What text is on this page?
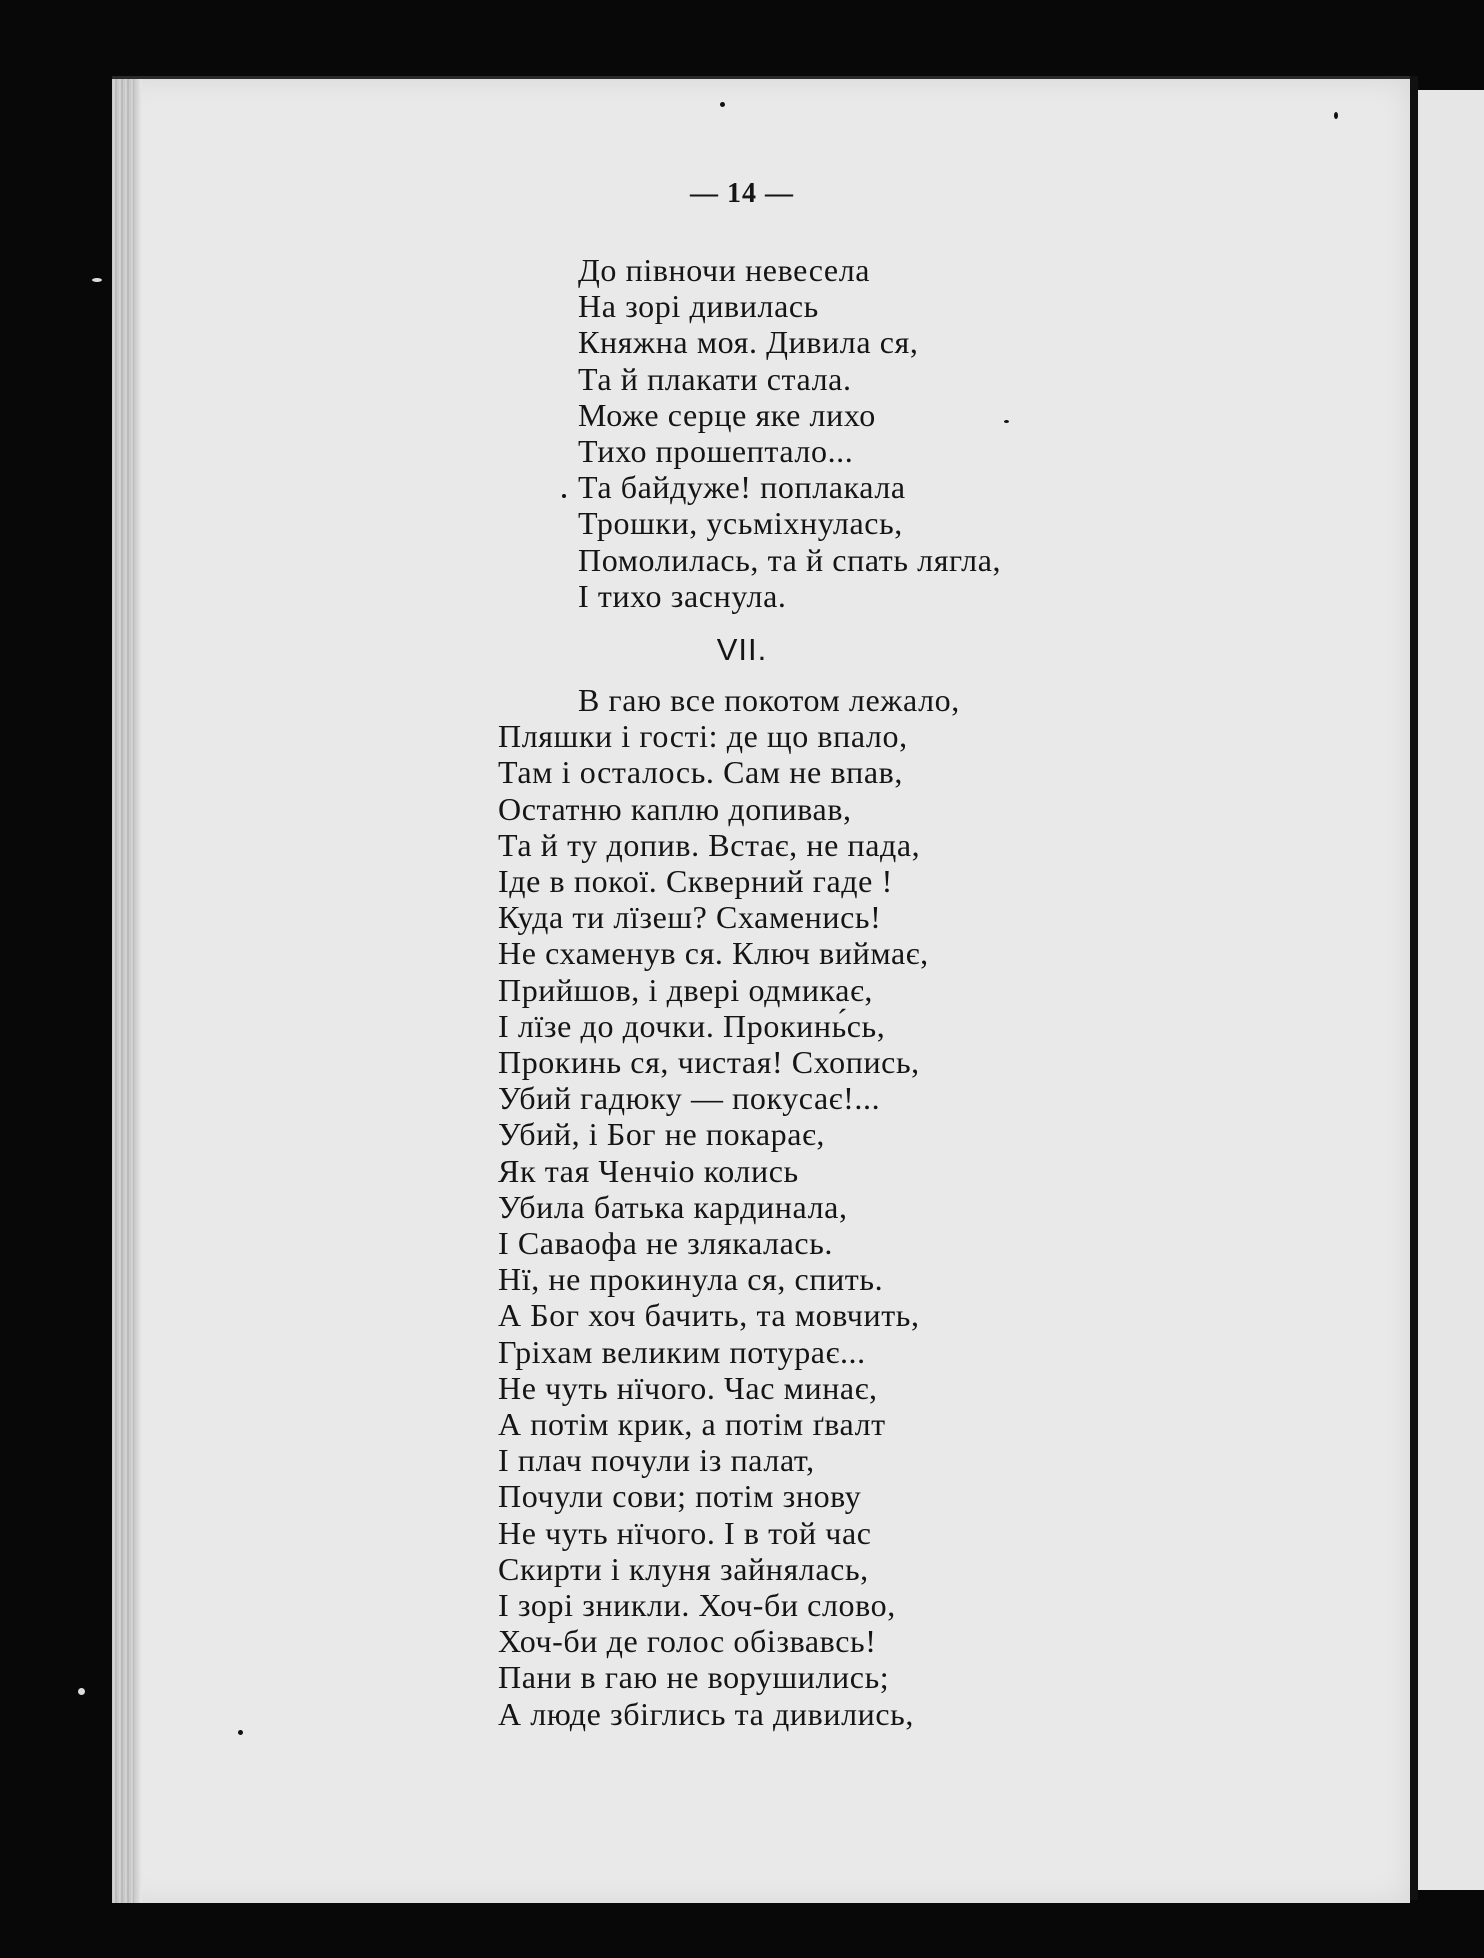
— 14 —
До півночи невесела
На зорі дивилась
Княжна моя. Дивила ся,
Та й плакати стала.
Може серце яке лихо
Тихо прошептало...
Та байдуже! поплакала
Трошки, усьміхнулась,
Помолилась, та й спать лягла,
І тихо заснула.
VII.
В гаю все покотом лежало,
Пляшки і гості: де що впало,
Там і осталось. Сам не впав,
Остатню каплю допивав,
Та й ту допив. Встає, не пада,
Іде в покої. Скверний гаде !
Куда ти лїзеш? Схаменись!
Не схаменув ся. Ключ виймає,
Прийшов, і двері одмикає,
І лїзе до дочки. Прокинь́сь,
Прокинь ся, чистая! Схопись,
Убий гадюку — покусає!...
Убий, і Бог не покарає,
Як тая Ченчіо колись
Убила батька кардинала,
І Саваофа не злякалась.
Нї, не прокинула ся, спить.
А Бог хоч бачить, та мовчить,
Гріхам великим потурає...
Не чуть нїчого. Час минає,
А потім крик, а потім ґвалт
І плач почули із палат,
Почули сови; потім знову
Не чуть нїчого. І в той час
Скирти і клуня зайнялась,
І зорі зникли. Хоч-би слово,
Хоч-би де голос обізвавсь!
Пани в гаю не ворушились;
А люде збіглись та дивились,
